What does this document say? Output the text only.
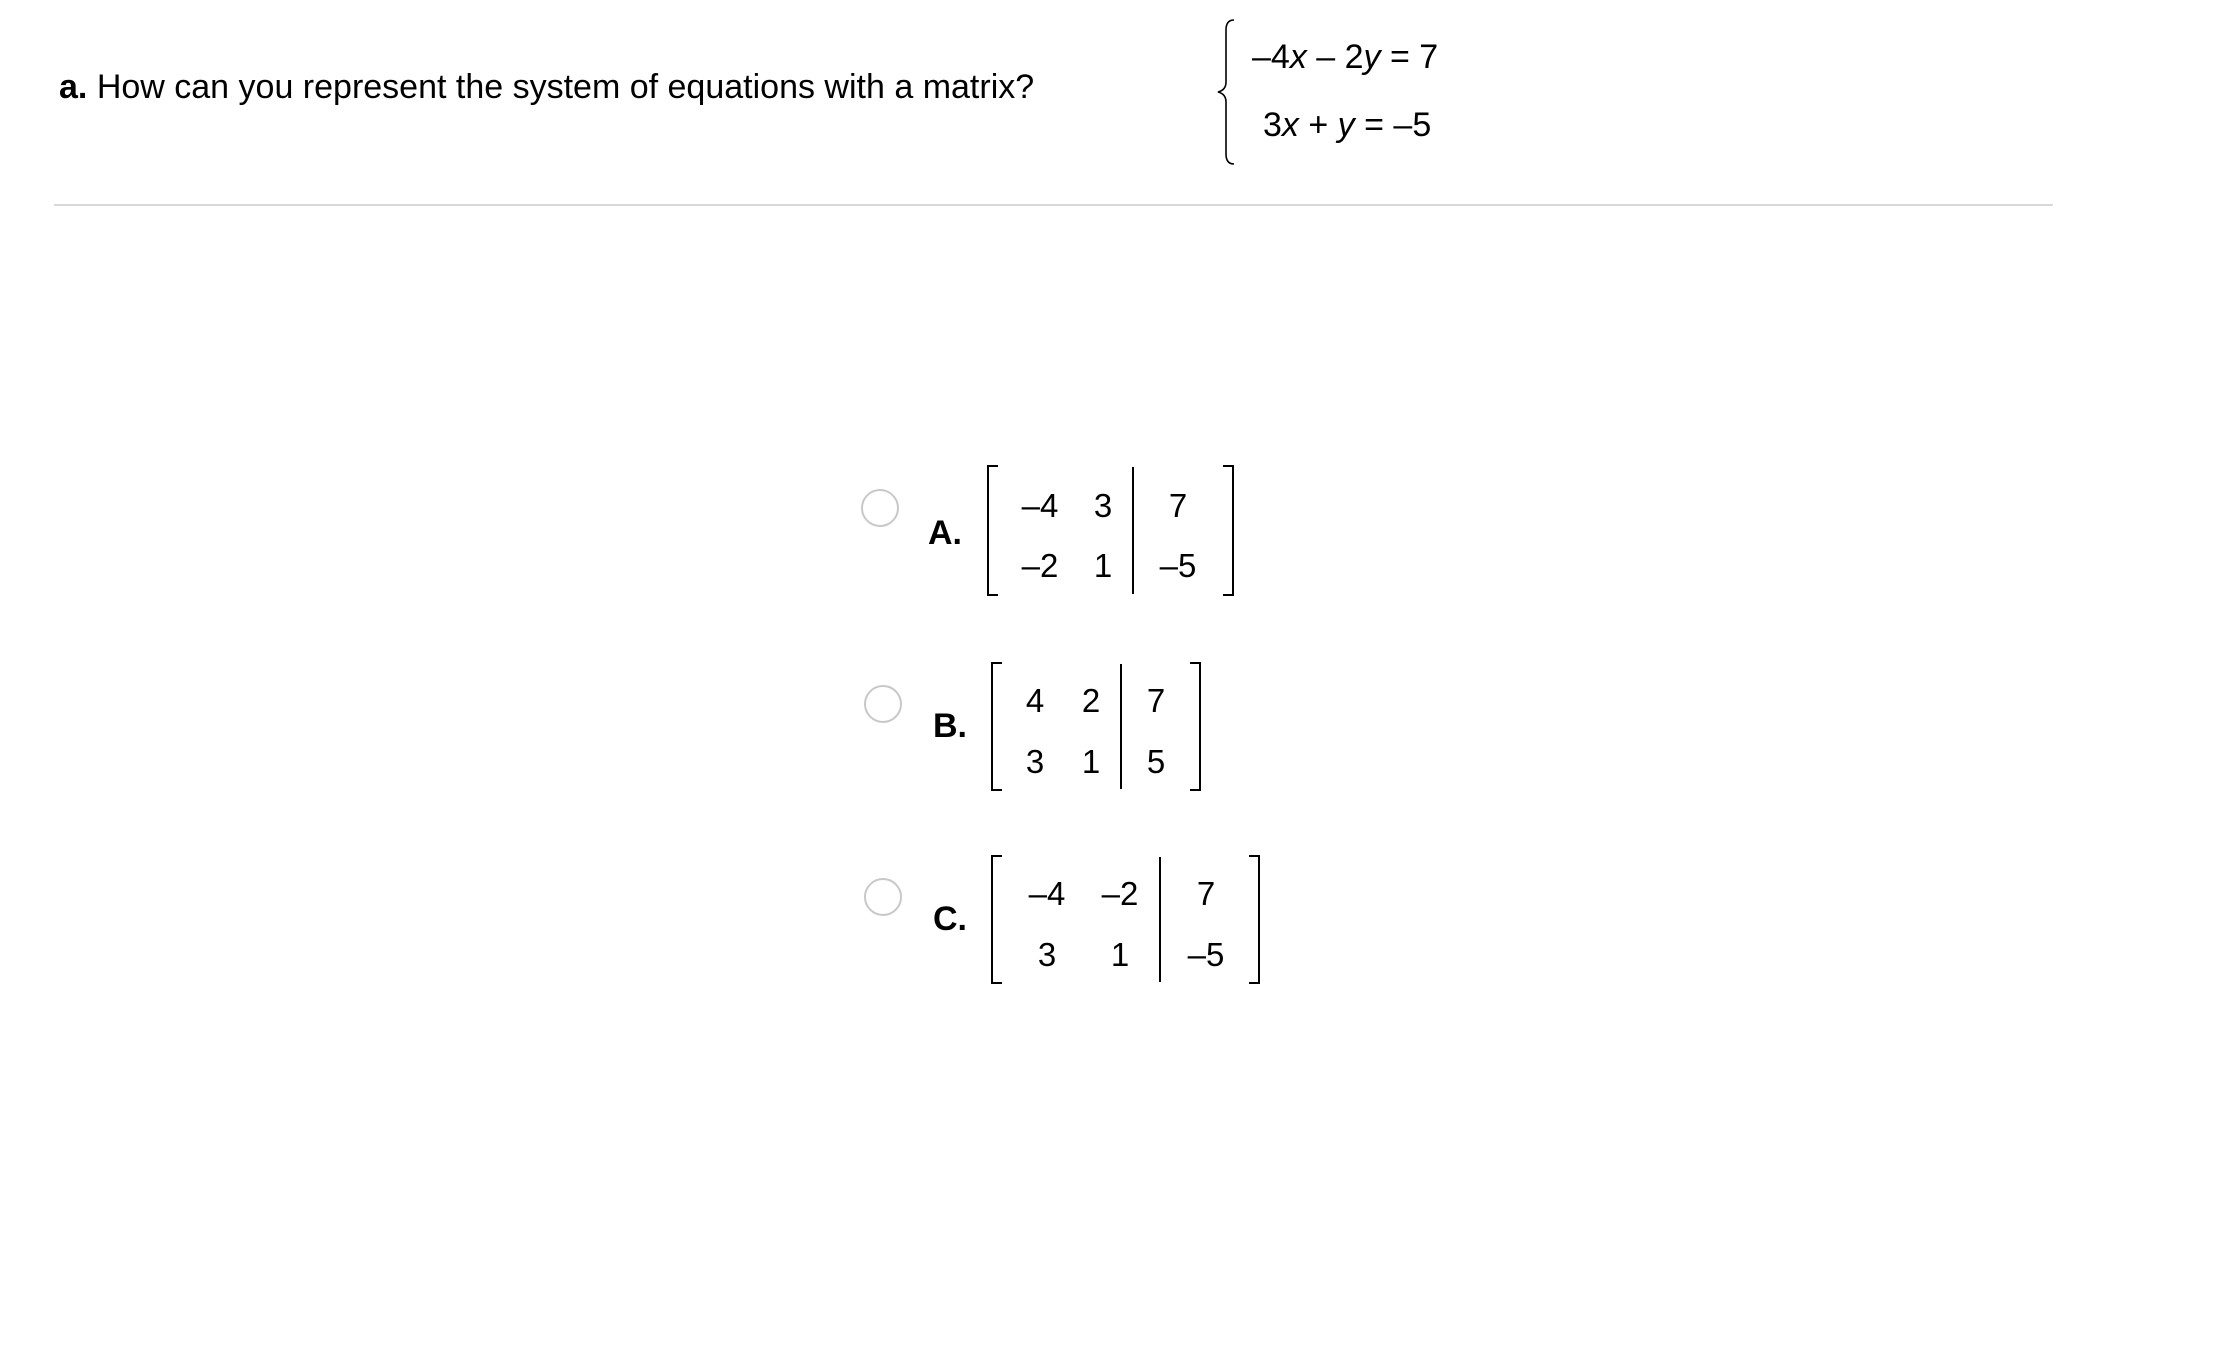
a. How can you represent the system of equations with a matrix?
–4x – 2y = 7
3x + y = –5
A.
–4 3 7
–2 1 –5
B.
4 2 7
3 1 5
C.
–4 –2 7
3 1 –5
